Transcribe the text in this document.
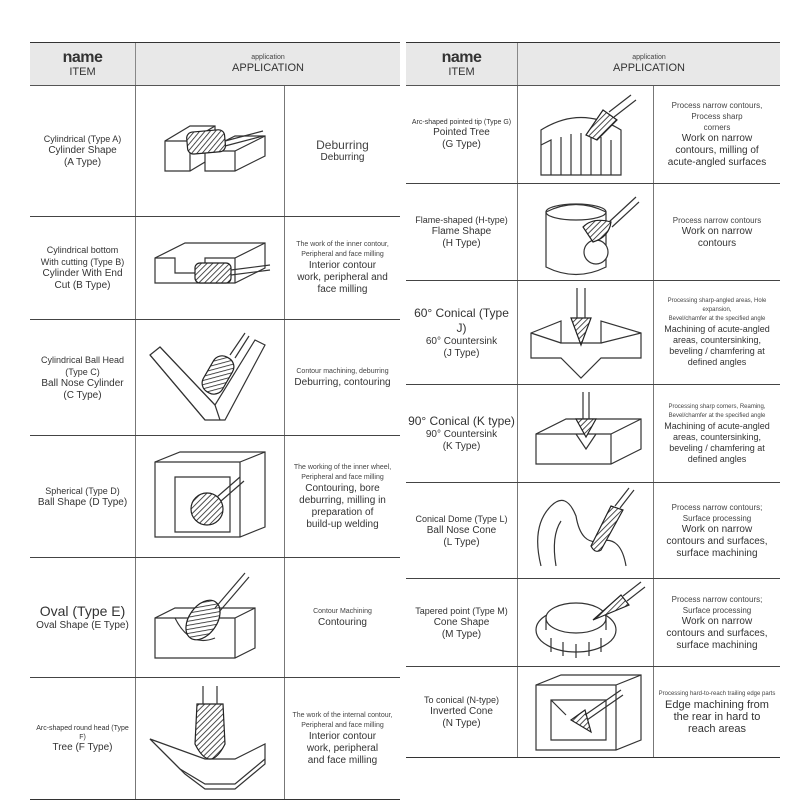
name
ITEM
application
APPLICATION
Cylindrical (Type A)
Cylinder Shape
(A Type)
Deburring
Deburring
Cylindrical bottom
With cutting (Type B)
Cylinder With End
Cut (B Type)
The work of the inner contour,
Peripheral and face milling
Interior contour
work, peripheral and
face milling
Cylindrical Ball Head
(Type C)
Ball Nose Cylinder
(C Type)
Contour machining, deburring
Deburring, contouring
Spherical (Type D)
Ball Shape (D Type)
The working of the inner wheel,
Peripheral and face milling
Contouring, bore
deburring, milling in
preparation of
build-up welding
Oval (Type E)
Oval Shape (E Type)
Contour Machining
Contouring
Arc-shaped round head (Type F)
Tree (F Type)
The work of the internal contour,
Peripheral and face milling
Interior contour
work, peripheral
and face milling
name
ITEM
application
APPLICATION
Arc-shaped pointed tip (Type G)
Pointed Tree
(G Type)
Process narrow contours,
Process sharp
corners
Work on narrow
contours, milling of
acute-angled surfaces
Flame-shaped (H-type)
Flame Shape
(H Type)
Process narrow contours
Work on narrow
contours
60° Conical (Type J)
60° Countersink
(J Type)
Processing sharp-angled areas, Hole expansion,
Bevel/chamfer at the specified angle
Machining of acute-angled
areas, countersinking,
beveling / chamfering at
defined angles
90° Conical (K type)
90° Countersink
(K Type)
Processing sharp corners, Reaming,
Bevel/chamfer at the specified angle
Machining of acute-angled
areas, countersinking,
beveling / chamfering at
defined angles
Conical Dome (Type L)
Ball Nose Cone
(L Type)
Process narrow contours;
Surface processing
Work on narrow
contours and surfaces,
surface machining
Tapered point (Type M)
Cone Shape
(M Type)
Process narrow contours;
Surface processing
Work on narrow
contours and surfaces,
surface machining
To conical (N-type)
Inverted Cone
(N Type)
Processing hard-to-reach trailing edge parts
Edge machining from
the rear in hard to
reach areas
